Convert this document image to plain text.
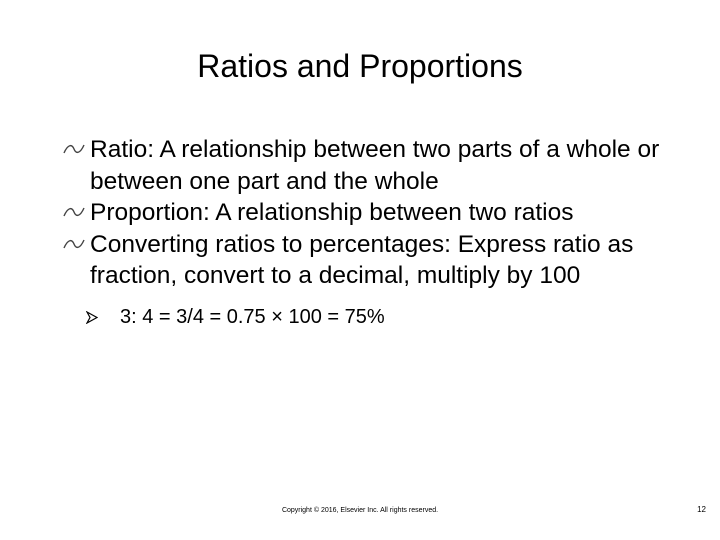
Ratios and Proportions
Ratio: A relationship between two parts of a whole or between one part and the whole
Proportion: A relationship between two ratios
Converting ratios to percentages: Express ratio as fraction, convert to a decimal, multiply by 100
3: 4 = 3/4 = 0.75 × 100 = 75%
Copyright © 2016, Elsevier Inc. All rights reserved.	12
